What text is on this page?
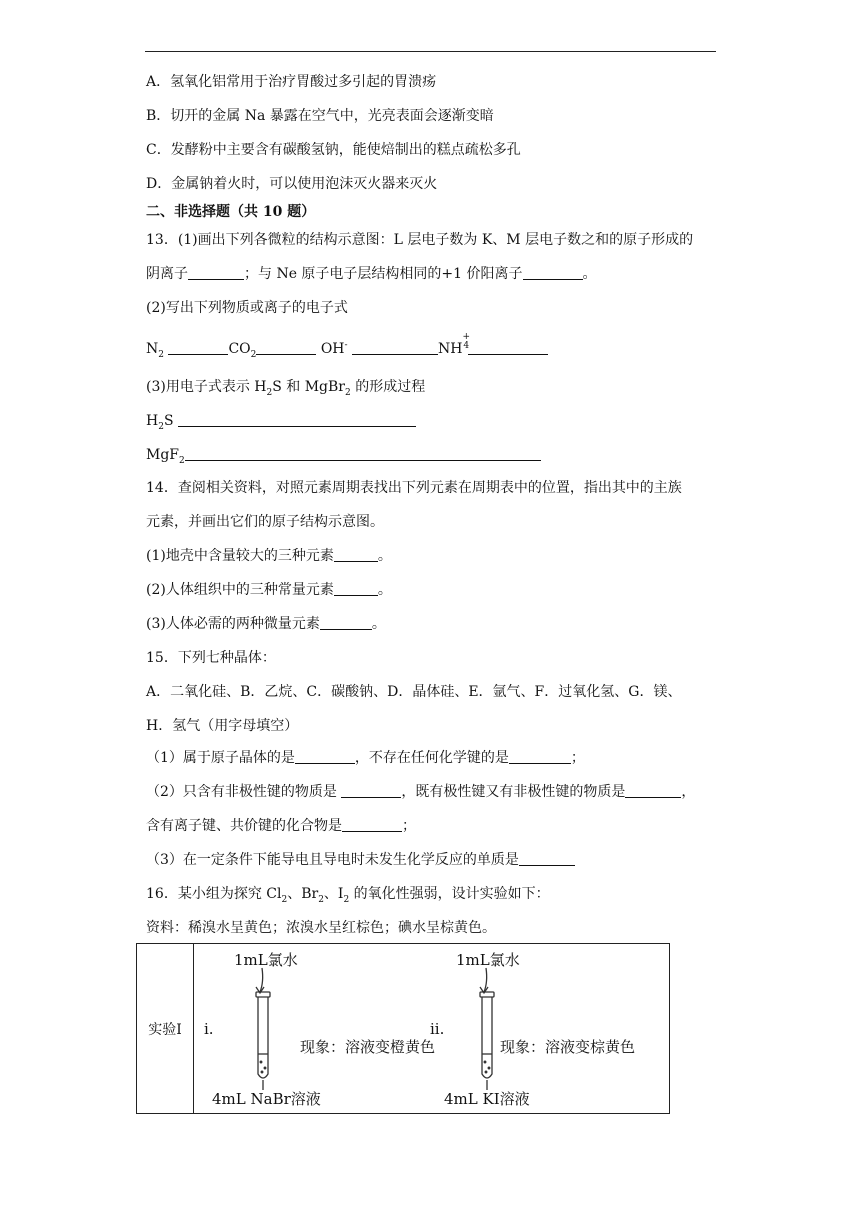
A．氢氧化铝常用于治疗胃酸过多引起的胃溃疡
B．切开的金属 Na 暴露在空气中，光亮表面会逐渐变暗
C．发酵粉中主要含有碳酸氢钠，能使焙制出的糕点疏松多孔
D．金属钠着火时，可以使用泡沫灭火器来灭火
二、非选择题（共 10 题）
13．(1)画出下列各微粒的结构示意图：L 层电子数为 K、M 层电子数之和的原子形成的
阴离子	；与 Ne 原子电子层结构相同的+1 价阳离子	。
(2)写出下列物质或离子的电子式
$N_2$	$CO_2$	OH-	NH
+
4
(3)用电子式表示 $H_2S$ 和 MgBr$_2$ 的形成过程
$H_2S$
MgF$_2$
14．查阅相关资料，对照元素周期表找出下列元素在周期表中的位置，指出其中的主族
元素，并画出它们的原子结构示意图。
(1)地壳中含量较大的三种元素	。
(2)人体组织中的三种常量元素	。
(3)人体必需的两种微量元素	。
15．下列七种晶体：
A．二氧化硅、B．乙烷、C．碳酸钠、D．晶体硅、E．氩气、F．过氧化氢、G．镁、
H．氢气（用字母填空）
（1）属于原子晶体的是	，不存在任何化学键的是	；
（2）只含有非极性键的物质是	，既有极性键又有非极性键的物质是	，
含有离子键、共价键的化合物是	；
（3）在一定条件下能导电且导电时未发生化学反应的单质是
16．某小组为探究 $Cl_2$、$Br_2$、$I_2$ 的氧化性强弱，设计实验如下：
资料：稀溴水呈黄色；浓溴水呈红棕色；碘水呈棕黄色。
实验I	i.
1mL氯水
现象：溶液变橙黄色
4mL NaBr溶液
ii.
1mL氯水
现象：溶液变棕黄色
4mL KI溶液
